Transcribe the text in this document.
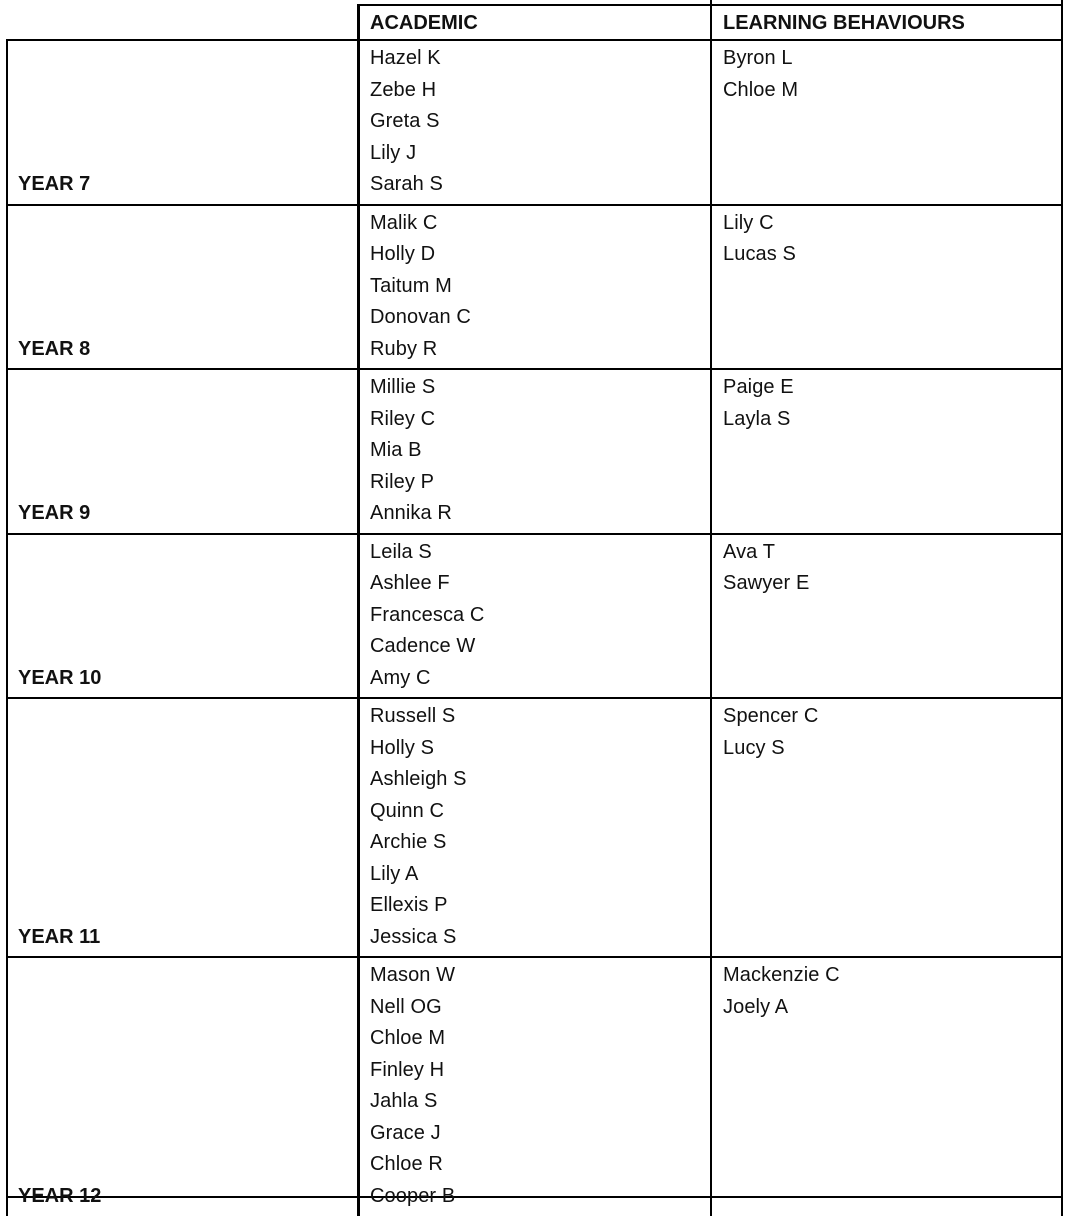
ACADEMIC	LEARNING BEHAVIOURS
YEAR 7
Hazel K
Zebe H
Greta S
Lily J
Sarah S
Byron L
Chloe M
YEAR 8
Malik C
Holly D
Taitum M
Donovan C
Ruby R
Lily C
Lucas S
YEAR 9
Millie S
Riley C
Mia B
Riley P
Annika R
Paige E
Layla S
YEAR 10
Leila S
Ashlee F
Francesca C
Cadence W
Amy C
Ava T
Sawyer E
YEAR 11
Russell S
Holly S
Ashleigh S
Quinn C
Archie S
Lily A
Ellexis P
Jessica S
Spencer C
Lucy S
YEAR 12
Mason W
Nell OG
Chloe M
Finley H
Jahla S
Grace J
Chloe R
Cooper B
Mackenzie C
Joely A
